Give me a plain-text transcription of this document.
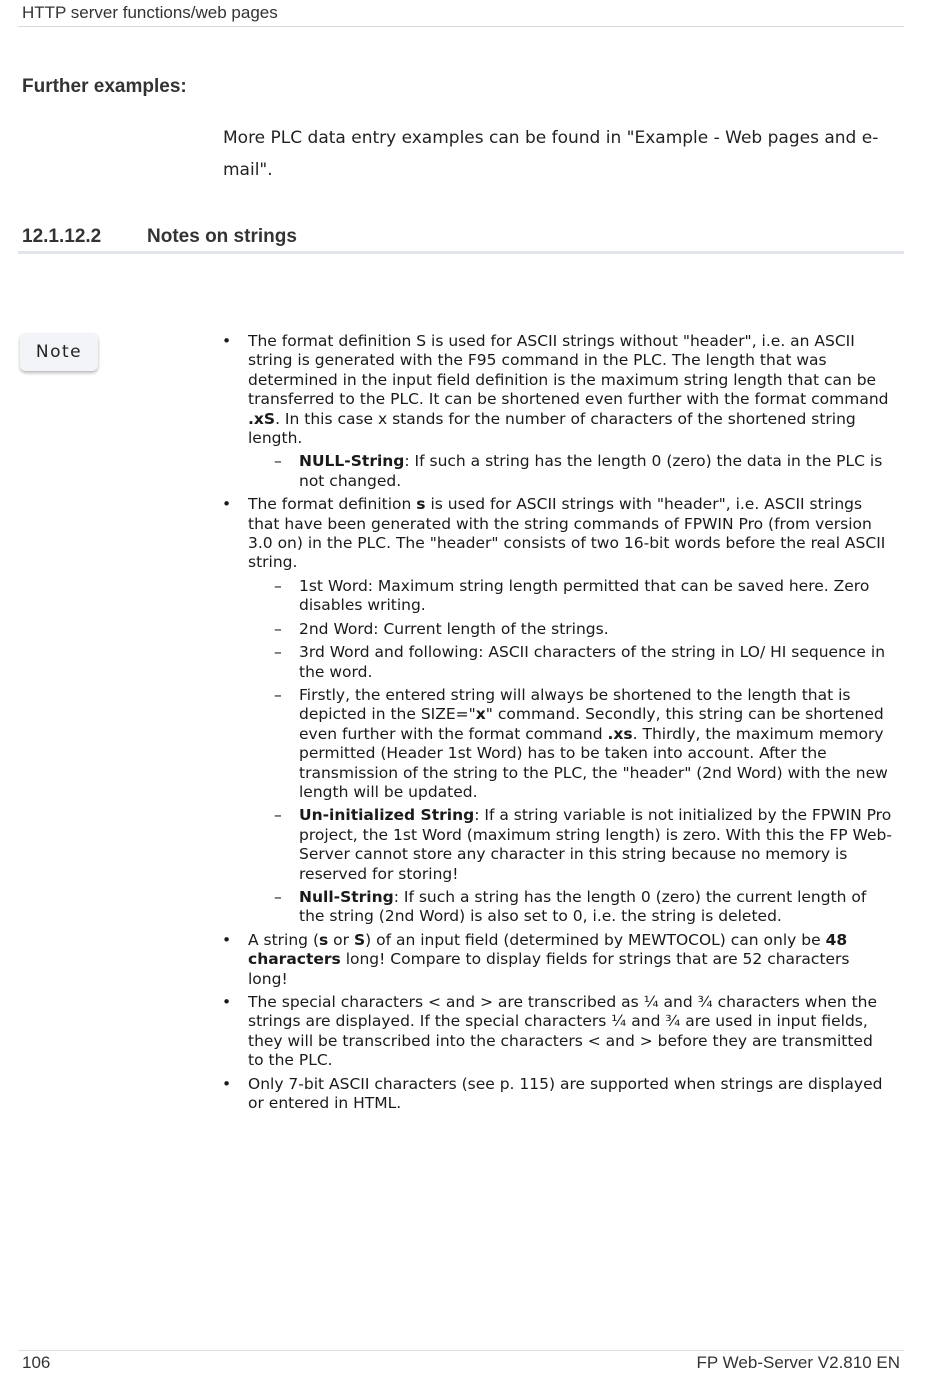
HTTP server functions/web pages
Further examples:
More PLC data entry examples can be found in "Example - Web pages and e-mail".
12.1.12.2 Notes on strings
Note
• The format definition S is used for ASCII strings without "header", i.e. an ASCII string is generated with the F95 command in the PLC. The length that was determined in the input field definition is the maximum string length that can be transferred to the PLC. It can be shortened even further with the format command .xS. In this case x stands for the number of characters of the shortened string length.
– NULL-String: If such a string has the length 0 (zero) the data in the PLC is not changed.
• The format definition s is used for ASCII strings with "header", i.e. ASCII strings that have been generated with the string commands of FPWIN Pro (from version 3.0 on) in the PLC. The "header" consists of two 16-bit words before the real ASCII string.
– 1st Word: Maximum string length permitted that can be saved here. Zero disables writing.
– 2nd Word: Current length of the strings.
– 3rd Word and following: ASCII characters of the string in LO/ HI sequence in the word.
– Firstly, the entered string will always be shortened to the length that is depicted in the SIZE="x" command. Secondly, this string can be shortened even further with the format command .xs. Thirdly, the maximum memory permitted (Header 1st Word) has to be taken into account. After the transmission of the string to the PLC, the "header" (2nd Word) with the new length will be updated.
– Un-initialized String: If a string variable is not initialized by the FPWIN Pro project, the 1st Word (maximum string length) is zero. With this the FP Web-Server cannot store any character in this string because no memory is reserved for storing!
– Null-String: If such a string has the length 0 (zero) the current length of the string (2nd Word) is also set to 0, i.e. the string is deleted.
• A string (s or S) of an input field (determined by MEWTOCOL) can only be 48 characters long! Compare to display fields for strings that are 52 characters long!
• The special characters < and > are transcribed as ¼ and ¾ characters when the strings are displayed. If the special characters ¼ and ¾ are used in input fields, they will be transcribed into the characters < and > before they are transmitted to the PLC.
• Only 7-bit ASCII characters (see p. 115) are supported when strings are displayed or entered in HTML.
106	FP Web-Server V2.810 EN
